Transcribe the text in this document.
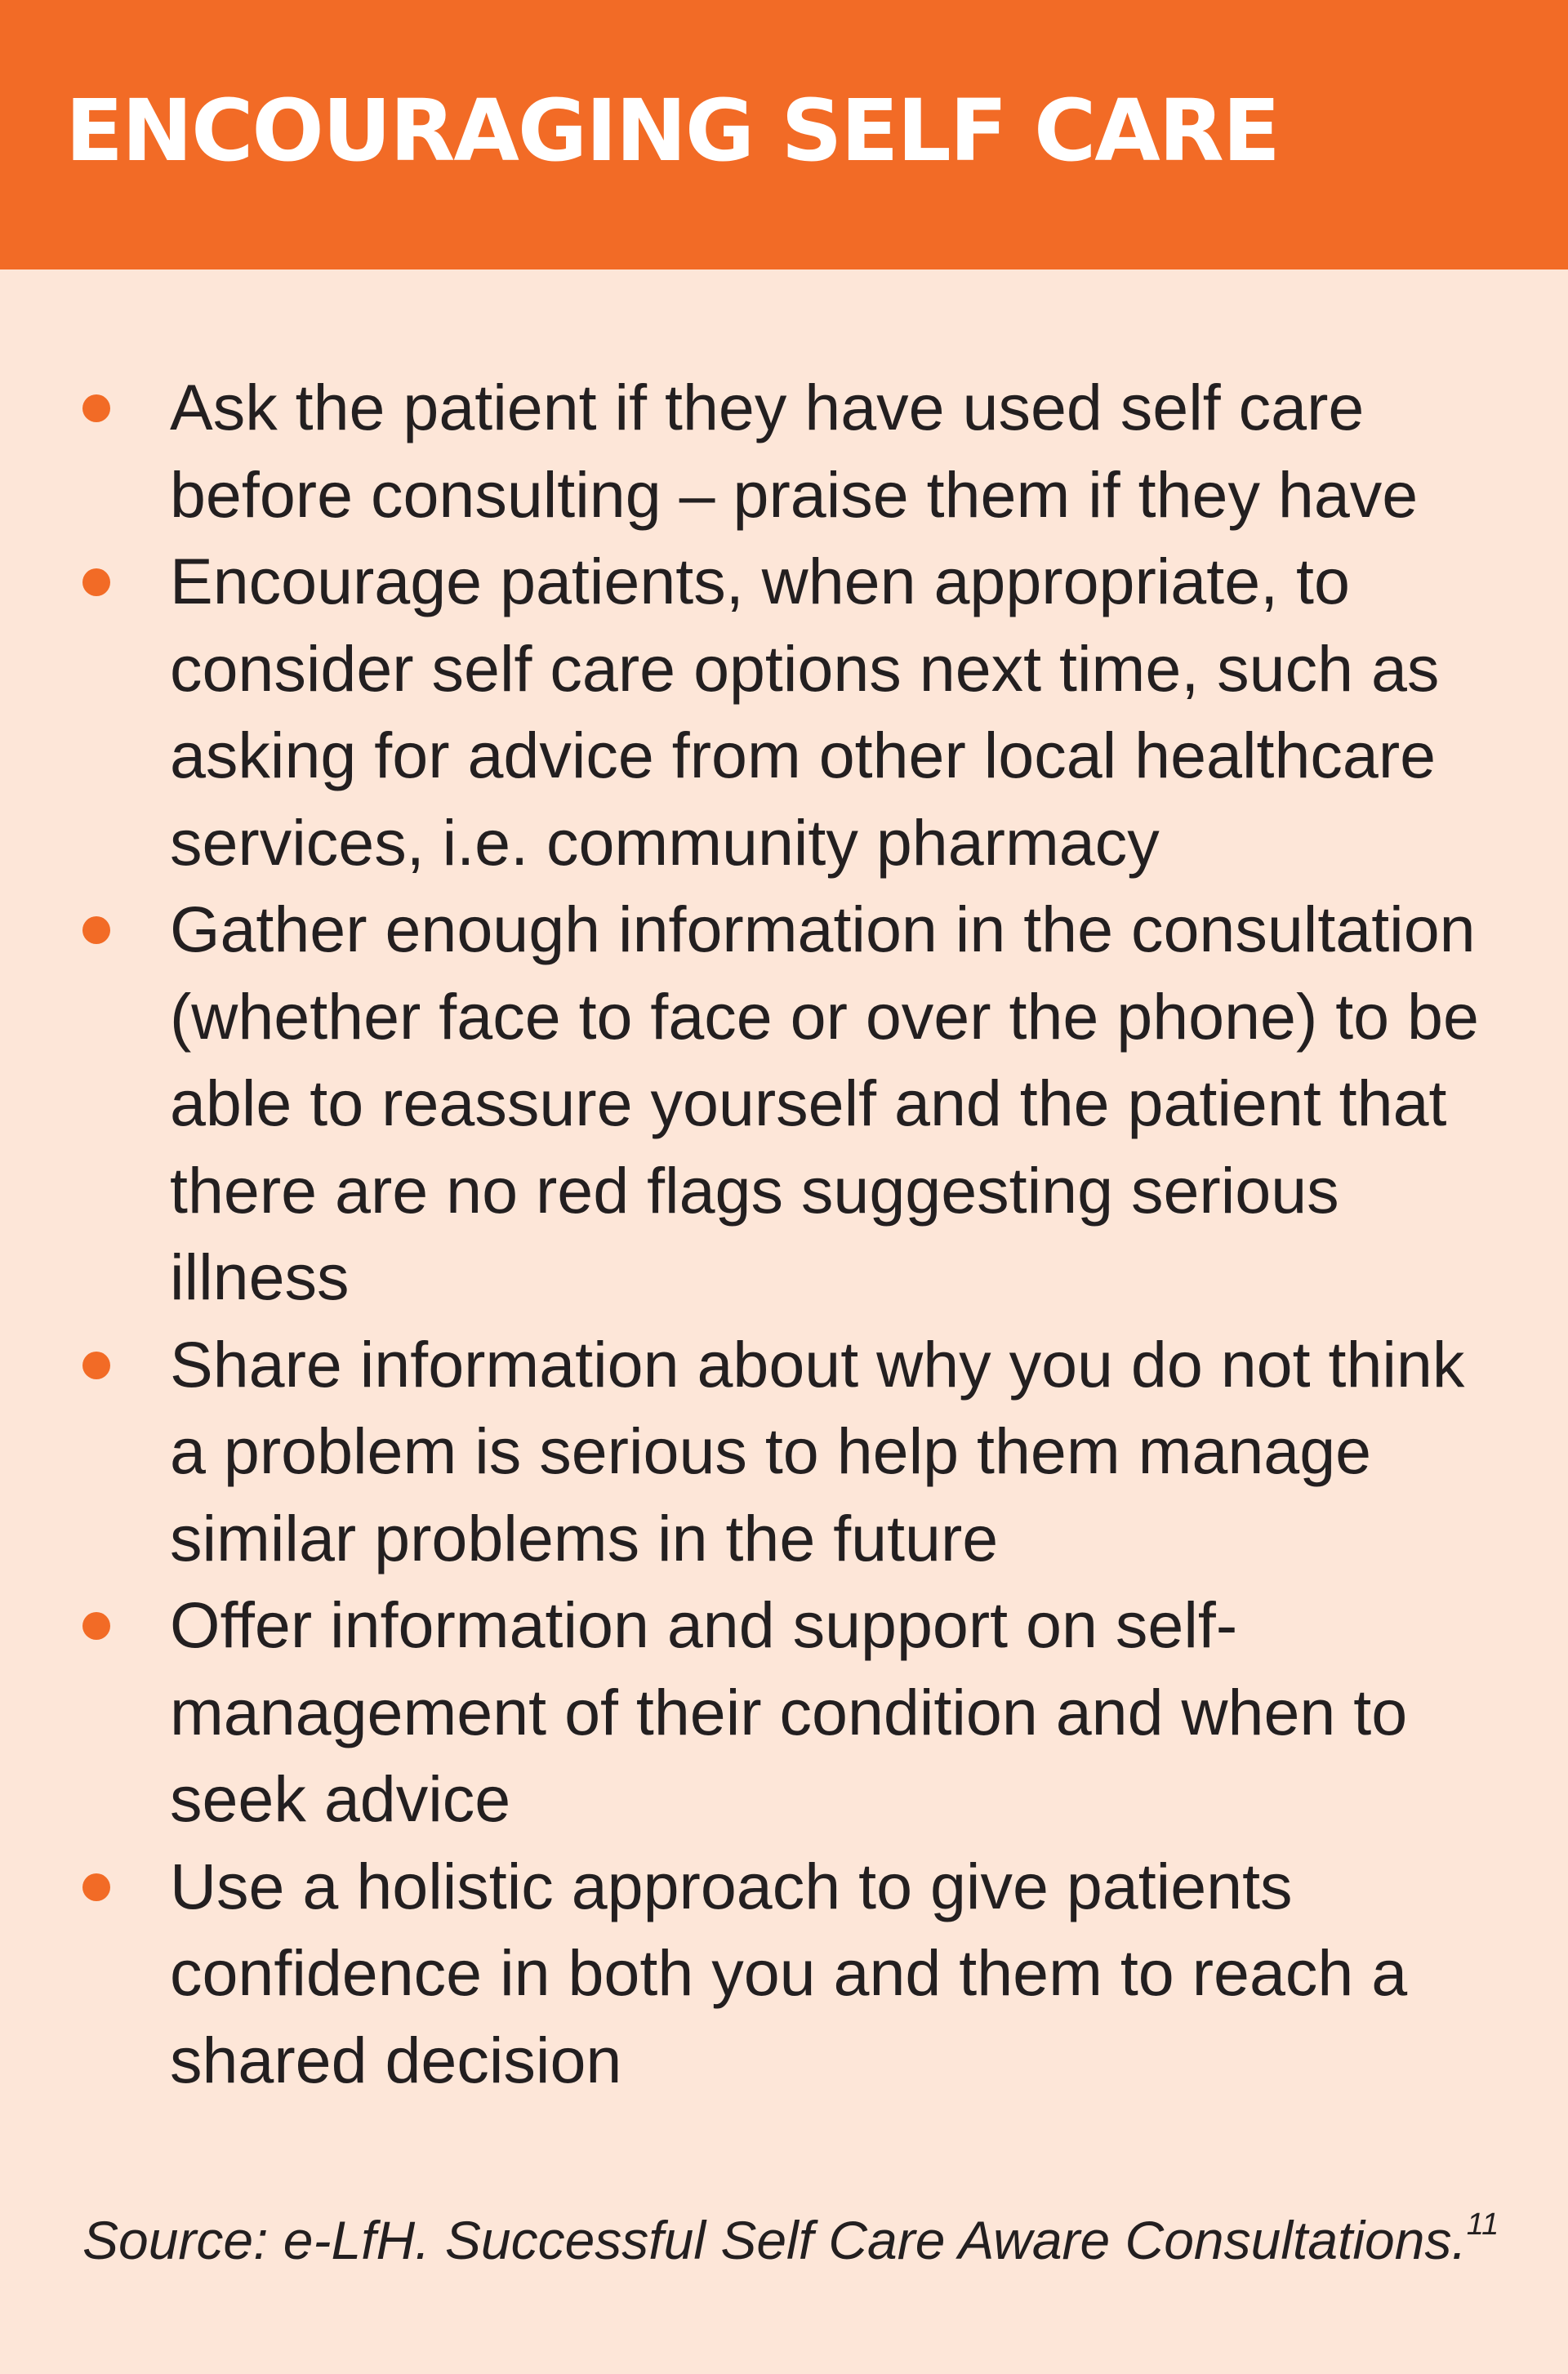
ENCOURAGING SELF CARE
Ask the patient if they have used self care before consulting – praise them if they have
Encourage patients, when appropriate, to consider self care options next time, such as asking for advice from other local healthcare services, i.e. community pharmacy
Gather enough information in the consultation (whether face to face or over the phone) to be able to reassure yourself and the patient that there are no red flags suggesting serious illness
Share information about why you do not think a problem is serious to help them manage similar problems in the future
Offer information and support on self-management of their condition and when to seek advice
Use a holistic approach to give patients confidence in both you and them to reach a shared decision

Source: e-LfH. Successful Self Care Aware Consultations.$^{11}$
